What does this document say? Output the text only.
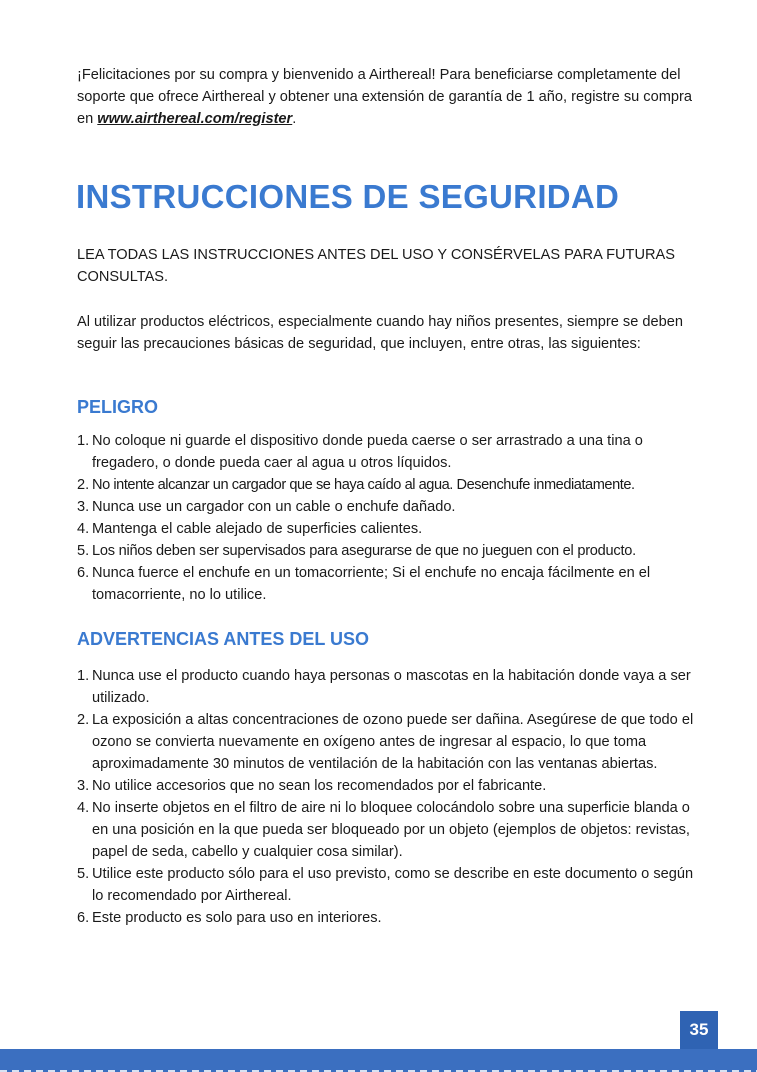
¡Felicitaciones por su compra y bienvenido a Airthereal! Para beneficiarse completamente del soporte que ofrece Airthereal y obtener una extensión de garantía de 1 año, registre su compra en www.airthereal.com/register.

INSTRUCCIONES DE SEGURIDAD

LEA TODAS LAS INSTRUCCIONES ANTES DEL USO Y CONSÉRVELAS PARA FUTURAS CONSULTAS.

Al utilizar productos eléctricos, especialmente cuando hay niños presentes, siempre se deben seguir las precauciones básicas de seguridad, que incluyen, entre otras, las siguientes:

PELIGRO
1. No coloque ni guarde el dispositivo donde pueda caerse o ser arrastrado a una tina o fregadero, o donde pueda caer al agua u otros líquidos.
2. No intente alcanzar un cargador que se haya caído al agua. Desenchufe inmediatamente.
3. Nunca use un cargador con un cable o enchufe dañado.
4. Mantenga el cable alejado de superficies calientes.
5. Los niños deben ser supervisados para asegurarse de que no jueguen con el producto.
6. Nunca fuerce el enchufe en un tomacorriente; Si el enchufe no encaja fácilmente en el tomacorriente, no lo utilice.
ADVERTENCIAS ANTES DEL USO
1. Nunca use el producto cuando haya personas o mascotas en la habitación donde vaya a ser utilizado.
2. La exposición a altas concentraciones de ozono puede ser dañina. Asegúrese de que todo el ozono se convierta nuevamente en oxígeno antes de ingresar al espacio, lo que toma aproximadamente 30 minutos de ventilación de la habitación con las ventanas abiertas.
3. No utilice accesorios que no sean los recomendados por el fabricante.
4. No inserte objetos en el filtro de aire ni lo bloquee colocándolo sobre una superficie blanda o en una posición en la que pueda ser bloqueado por un objeto (ejemplos de objetos: revistas, papel de seda, cabello y cualquier cosa similar).
5. Utilice este producto sólo para el uso previsto, como se describe en este documento o según lo recomendado por Airthereal.
6. Este producto es solo para uso en interiores.
35
